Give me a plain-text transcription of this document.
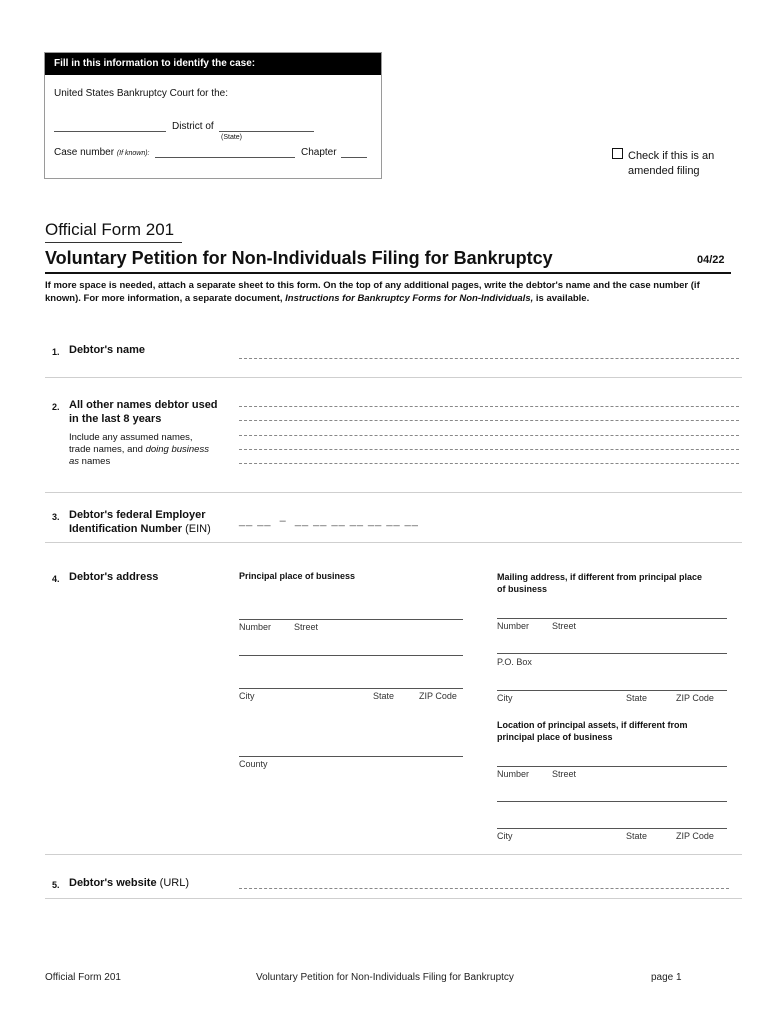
Fill in this information to identify the case:
United States Bankruptcy Court for the:
District of
(State)
Case number (If known):	Chapter	Check if this is an
amended filing
Official Form 201
Voluntary Petition for Non-Individuals Filing for Bankruptcy	04/22
If more space is needed, attach a separate sheet to this form. On the top of any additional pages, write the debtor's name and the case number (if known). For more information, a separate document, Instructions for Bankruptcy Forms for Non-Individuals, is available.
1. Debtor's name
2. All other names debtor used
in the last 8 years
Include any assumed names,
trade names, and doing business
as names
3. Debtor's federal Employer
Identification Number (EIN)
__ __  –  __ __ __ __ __ __ __
4. Debtor's address	Principal place of business
Number	Street
City	State	ZIP Code
County
Mailing address, if different from principal place
of business
Number	Street
P.O. Box
City	State	ZIP Code
Location of principal assets, if different from
principal place of business
Number	Street
City	State	ZIP Code
5. Debtor's website (URL)
Official Form 201	Voluntary Petition for Non-Individuals Filing for Bankruptcy	page 1
